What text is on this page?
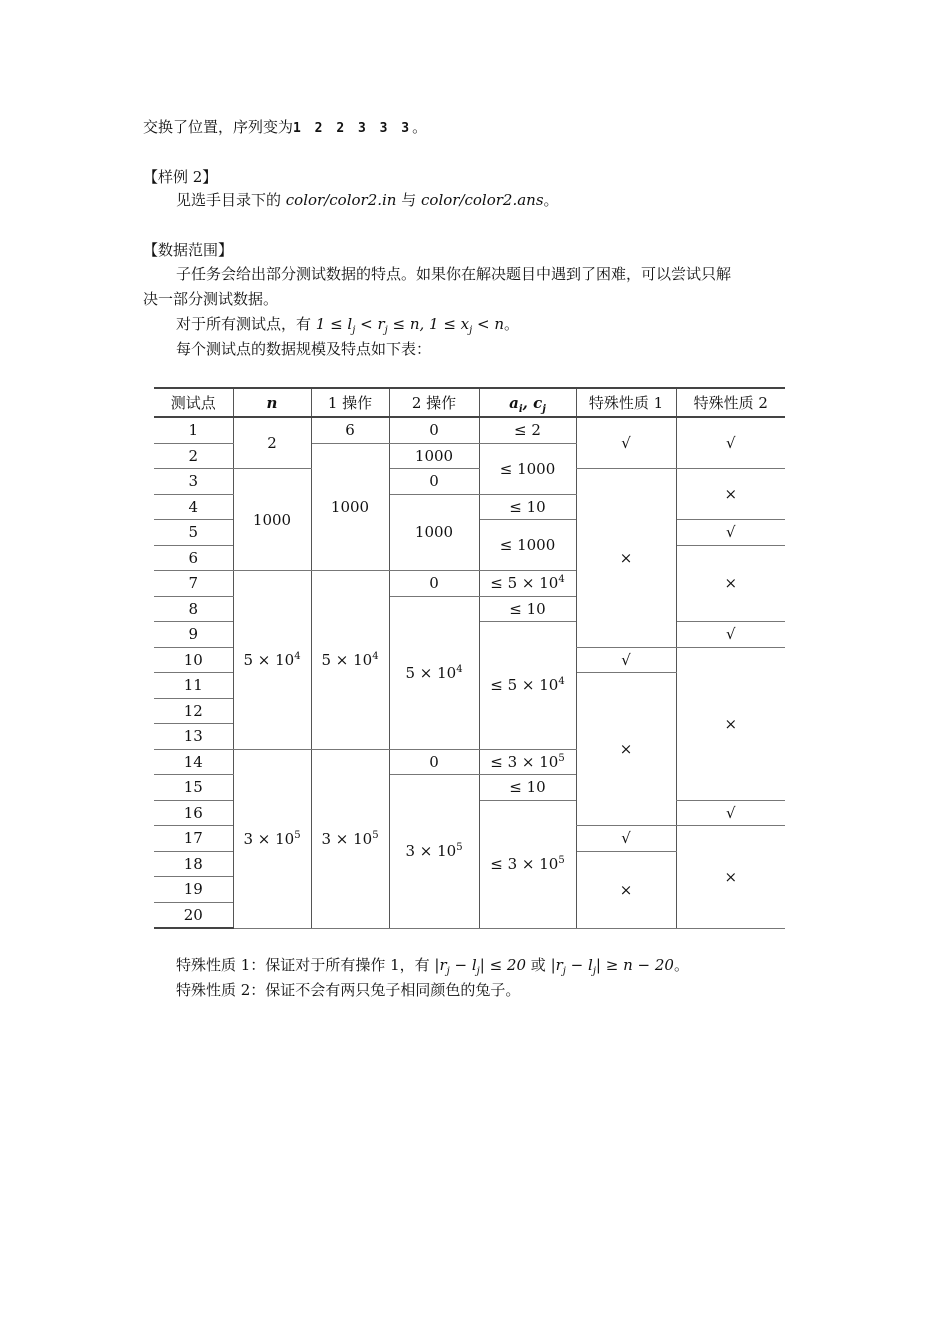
交换了位置，序列变为1 2 2 3 3 3。
【样例 2】
见选手目录下的 color/color2.in 与 color/color2.ans。
【数据范围】
子任务会给出部分测试数据的特点。如果你在解决题目中遇到了困难，可以尝试只解
决一部分测试数据。
对于所有测试点，有 $1 \le l_j < r_j \le n$, $1 \le x_j < n$。
每个测试点的数据规模及特点如下表：
测试点	n	1 操作	2 操作	$a_i$, $c_j$	特殊性质 1	特殊性质 2
1	2	6	0	≤ 2	√	√
2		1000	1000	≤ 1000		
3	1000		0		×	×
4			1000	≤ 10		
5				≤ 1000		√
6						×
7	$5 \times 10^4$	$5 \times 10^4$	0	≤ $5 \times 10^4$
8			$5 \times 10^4$	≤ 10		
9				≤ $5 \times 10^4$		√
10					√	×
11					×	
12						
13						
14	$3 \times 10^5$	$3 \times 10^5$	0	≤ $3 \times 10^5$
15			$3 \times 10^5$	≤ 10		
16				≤ $3 \times 10^5$		√
17					√	×
18					×	
19						
20						
特殊性质 1：保证对于所有操作 1，有 $|r_j - l_j| \le 20$ 或 $|r_j - l_j| \ge n - 20$。
特殊性质 2：保证不会有两只兔子相同颜色的兔子。
